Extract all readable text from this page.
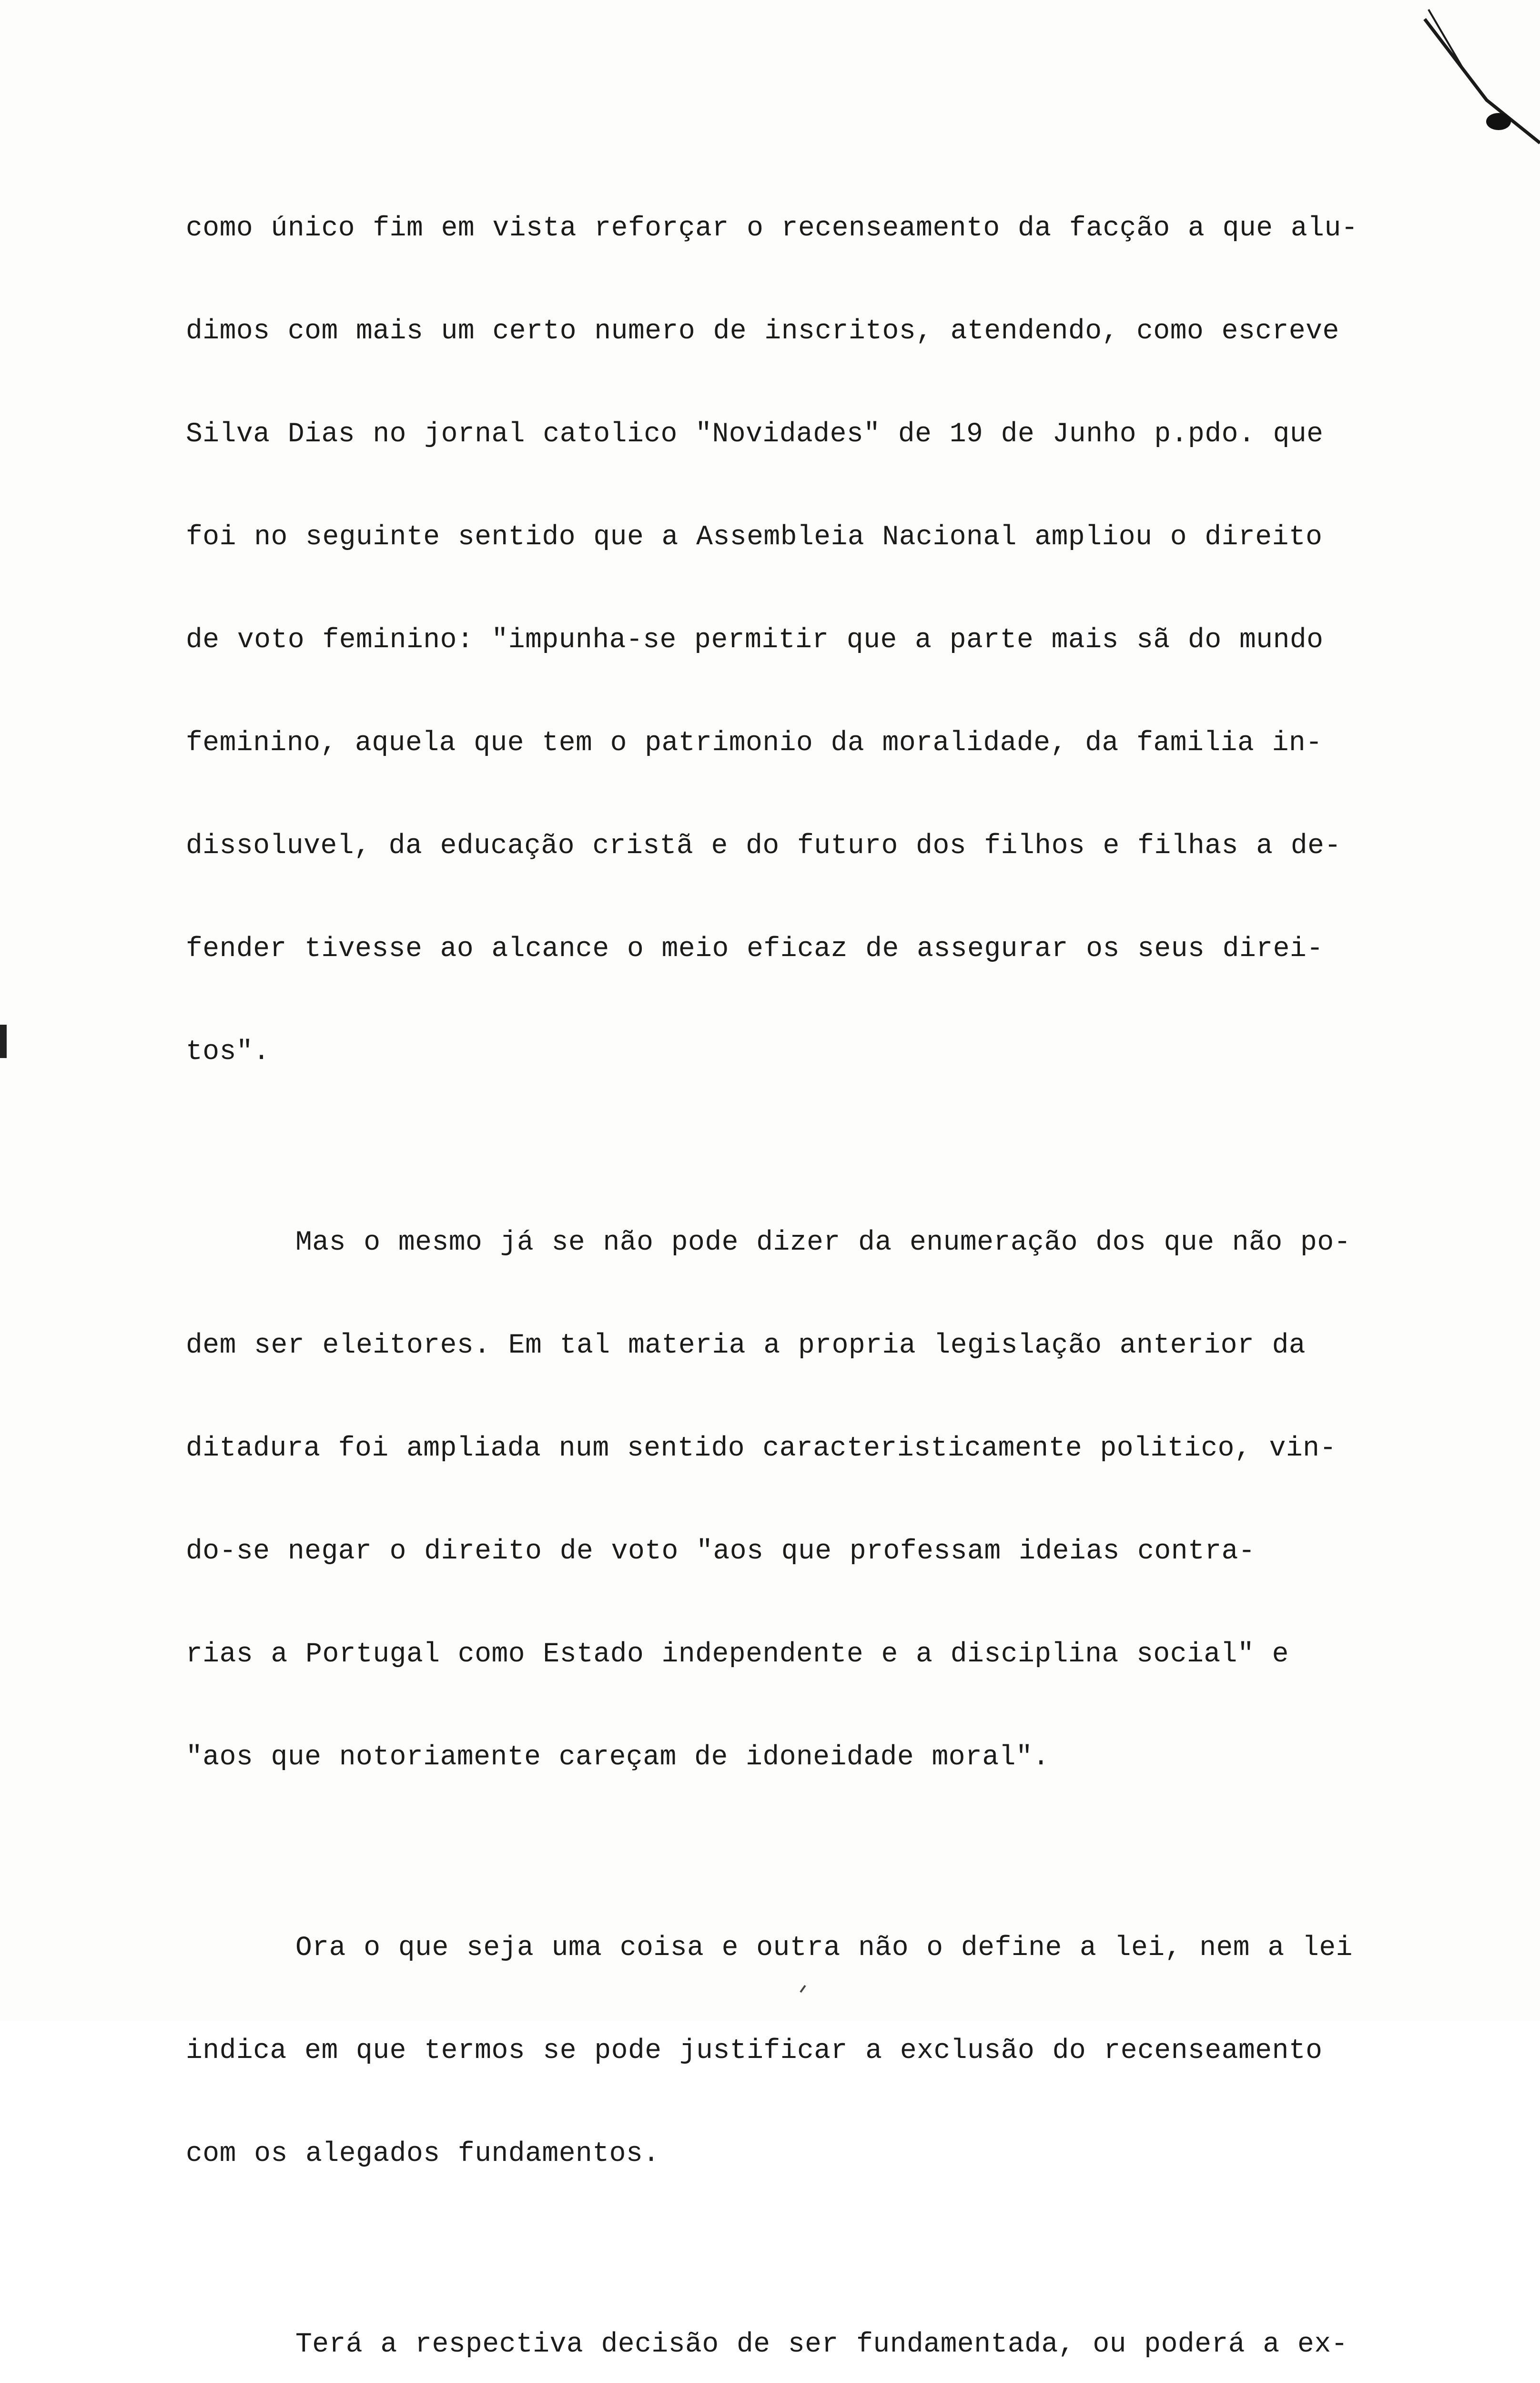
como único fim em vista reforçar o recenseamento da facção a que alu-

dimos com mais um certo numero de inscritos, atendendo, como escreve

Silva Dias no jornal catolico "Novidades" de 19 de Junho p.pdo. que

foi no seguinte sentido que a Assembleia Nacional ampliou o direito

de voto feminino: "impunha-se permitir que a parte mais sã do mundo

feminino, aquela que tem o patrimonio da moralidade, da familia in-

dissoluvel, da educação cristã e do futuro dos filhos e filhas a de-

fender tivesse ao alcance o meio eficaz de assegurar os seus direi-

tos".

Mas o mesmo já se não pode dizer da enumeração dos que não po-

dem ser eleitores. Em tal materia a propria legislação anterior da

ditadura foi ampliada num sentido caracteristicamente politico, vin-

do-se negar o direito de voto "aos que professam ideias contra-

rias a Portugal como Estado independente e a disciplina social" e

"aos que notoriamente careçam de idoneidade moral".

Ora o que seja uma coisa e outra não o define a lei, nem a lei

indica em que termos se pode justificar a exclusão do recenseamento

com os alegados fundamentos.

Terá a respectiva decisão de ser fundamentada, ou poderá a ex-
